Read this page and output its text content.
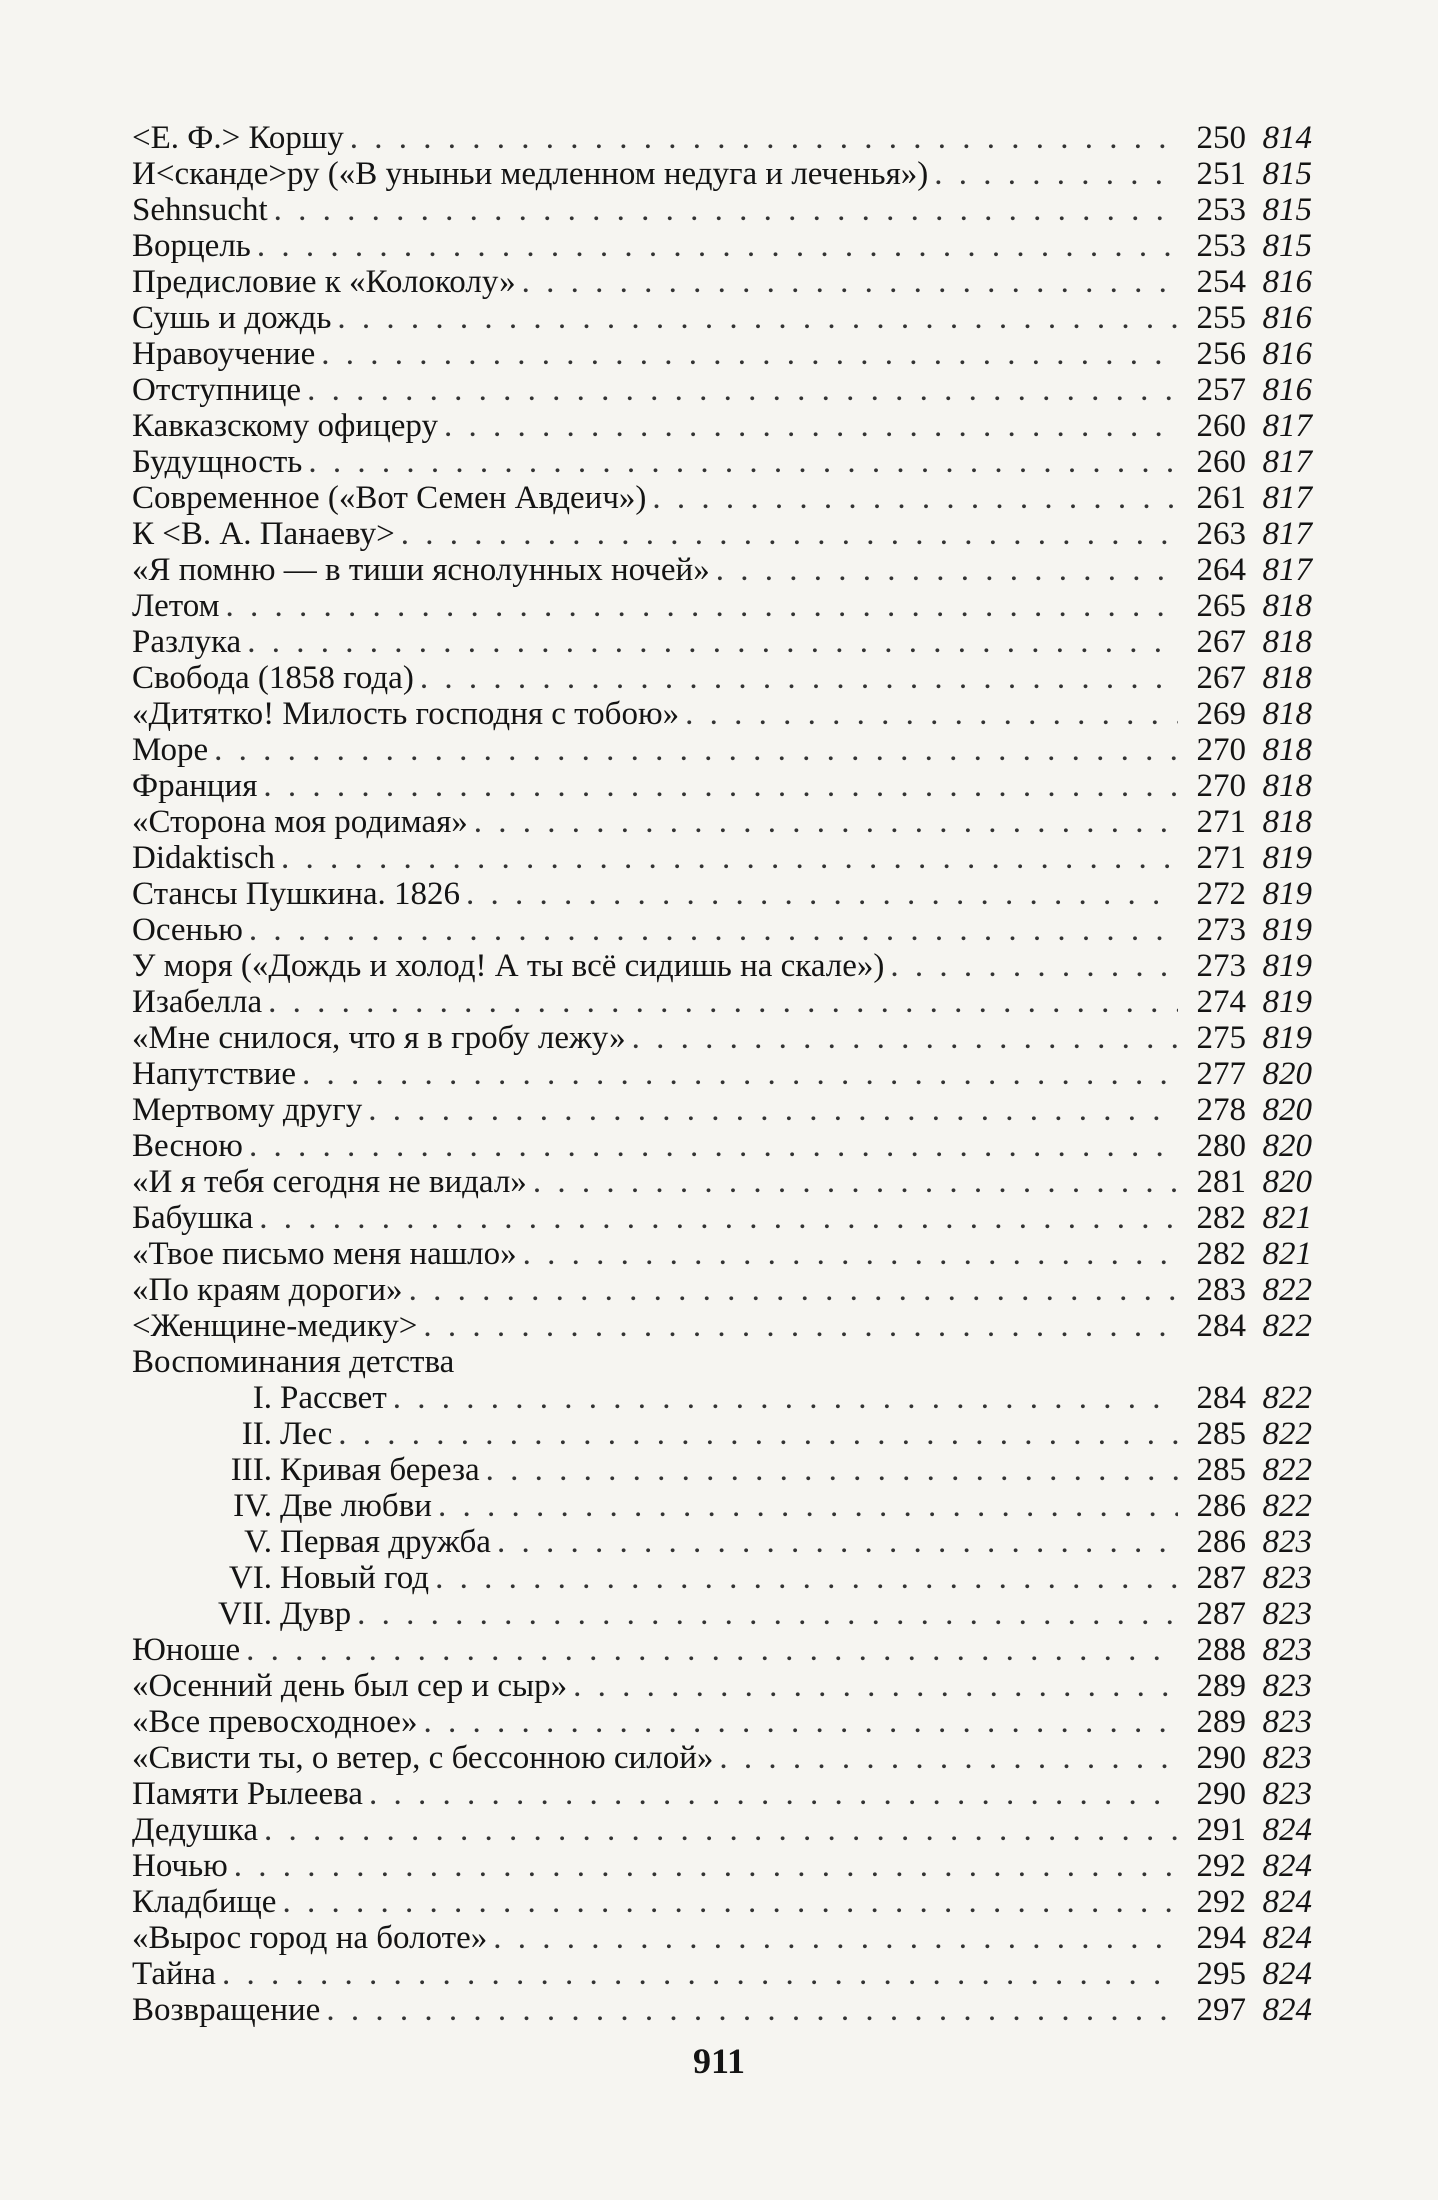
<Е. Ф.> Коршу . . .	250 814
И<сканде>ру («В уныньи медленном недуга и леченья») . . .	251 815
Sehnsucht . . .	253 815
Ворцель . . .	253 815
Предисловие к «Колоколу» . . .	254 816
Сушь и дождь . . .	255 816
Нравоучение . . .	256 816
Отступнице . . .	257 816
Кавказскому офицеру . . .	260 817
Будущность . . .	260 817
Современное («Вот Семен Авдеич») . . .	261 817
К <В. А. Панаеву> . . .	263 817
«Я помню — в тиши яснолунных ночей» . . .	264 817
Летом . . .	265 818
Разлука . . .	267 818
Свобода (1858 года) . . .	267 818
«Дитятко! Милость господня с тобою» . . .	269 818
Море . . .	270 818
Франция . . .	270 818
«Сторона моя родимая» . . .	271 818
Didaktisch . . .	271 819
Стансы Пушкина. 1826 . . .	272 819
Осенью . . .	273 819
У моря («Дождь и холод! А ты всё сидишь на скале») . . .	273 819
Изабелла . . .	274 819
«Мне снилося, что я в гробу лежу» . . .	275 819
Напутствие . . .	277 820
Мертвому другу . . .	278 820
Весною . . .	280 820
«И я тебя сегодня не видал» . . .	281 820
Бабушка . . .	282 821
«Твое письмо меня нашло» . . .	282 821
«По краям дороги» . . .	283 822
<Женщине-медику> . . .	284 822
Воспоминания детства
I. Рассвет . . .	284 822
II. Лес . . .	285 822
III. Кривая береза . . .	285 822
IV. Две любви . . .	286 822
V. Первая дружба . . .	286 823
VI. Новый год . . .	287 823
VII. Дувр . . .	287 823
Юноше . . .	288 823
«Осенний день был сер и сыр» . . .	289 823
«Все превосходное» . . .	289 823
«Свисти ты, о ветер, с бессонною силой» . . .	290 823
Памяти Рылеева . . .	290 823
Дедушка . . .	291 824
Ночью . . .	292 824
Кладбище . . .	292 824
«Вырос город на болоте» . . .	294 824
Тайна . . .	295 824
Возвращение . . .	297 824
911
